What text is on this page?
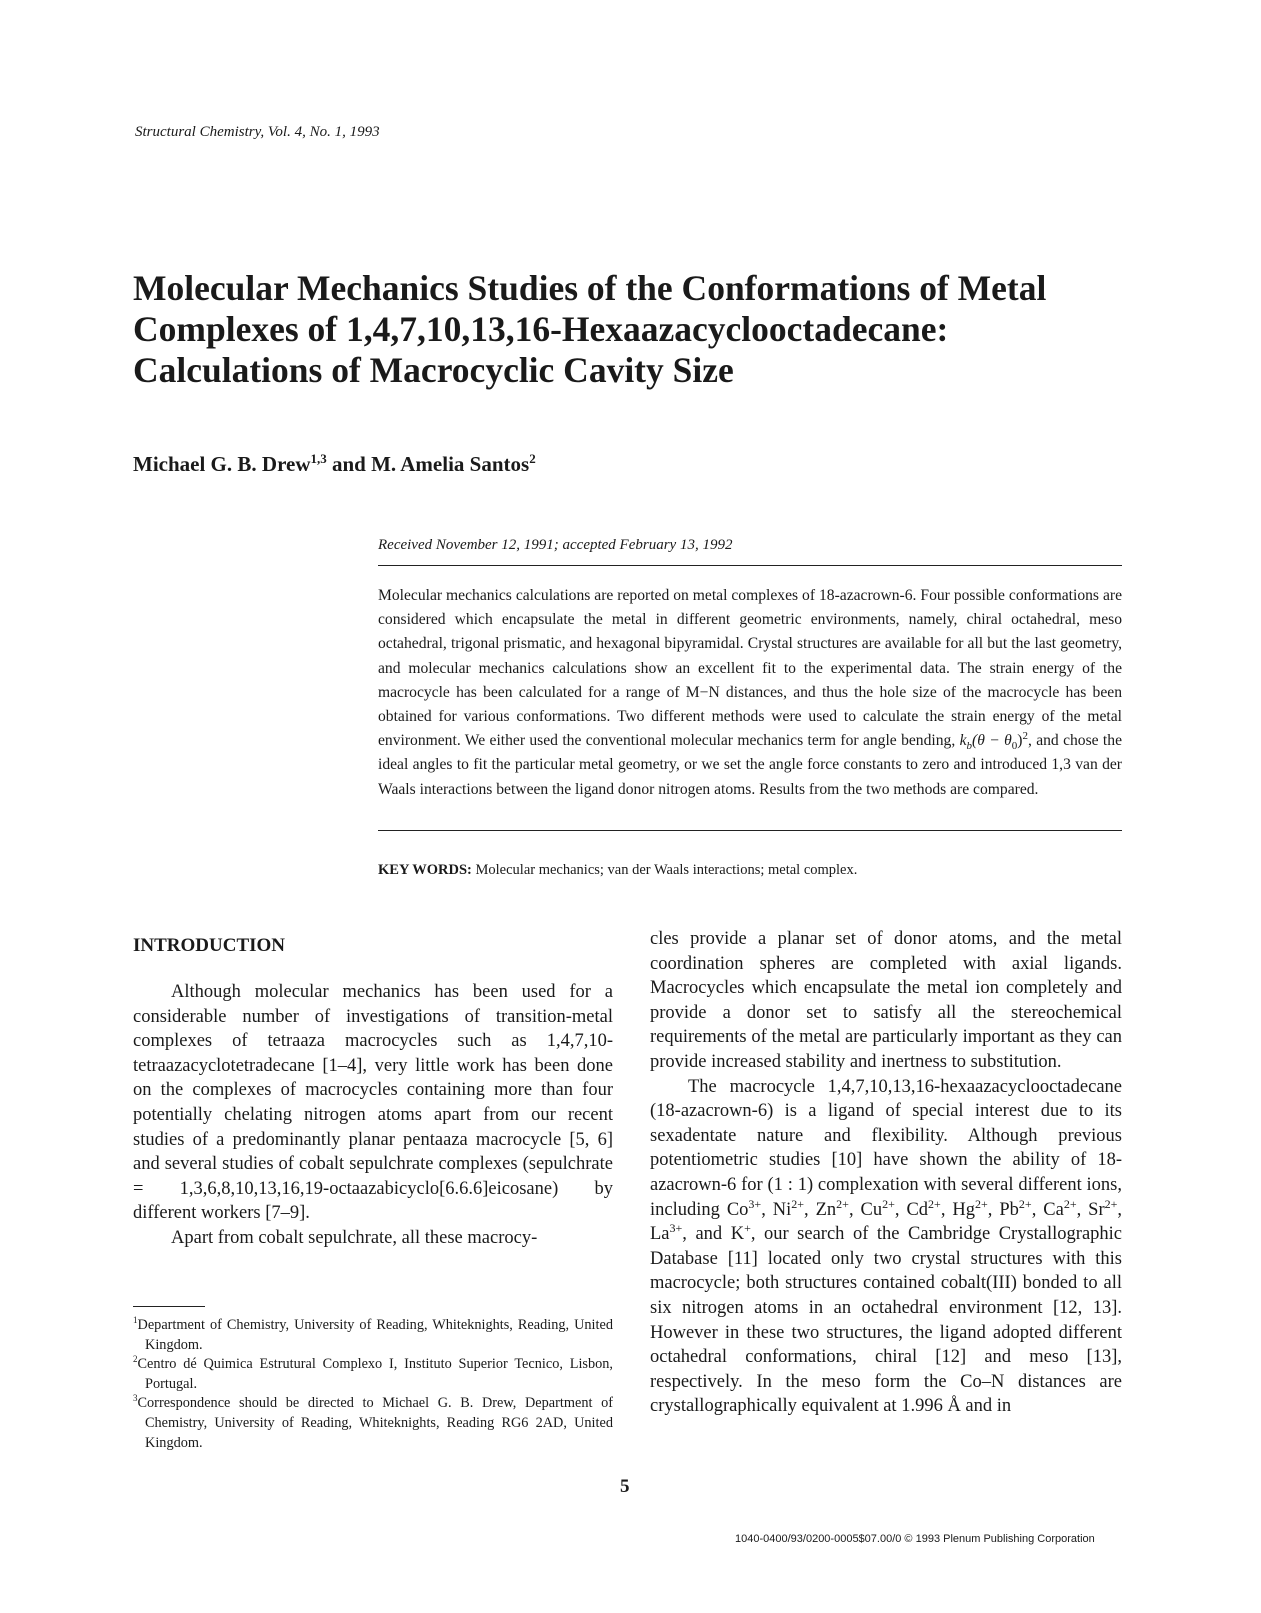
Structural Chemistry, Vol. 4, No. 1, 1993
Molecular Mechanics Studies of the Conformations of Metal
Complexes of 1,4,7,10,13,16-Hexaazacyclooctadecane:
Calculations of Macrocyclic Cavity Size
Michael G. B. Drew$^{1,3}$ and M. Amelia Santos$^2$
Received November 12, 1991; accepted February 13, 1992

Molecular mechanics calculations are reported on metal complexes of 18-azacrown-6. Four possible conformations are considered which encapsulate the metal in different geometric environments, namely, chiral octahedral, meso octahedral, trigonal prismatic, and hexagonal bipyramidal. Crystal structures are available for all but the last geometry, and molecular mechanics calculations show an excellent fit to the experimental data. The strain energy of the macrocycle has been calculated for a range of M−N distances, and thus the hole size of the macrocycle has been obtained for various conformations. Two different methods were used to calculate the strain energy of the metal environment. We either used the conventional molecular mechanics term for angle bending, $k_b(\theta - \theta_0)^2$, and chose the ideal angles to fit the particular metal geometry, or we set the angle force constants to zero and introduced 1,3 van der Waals interactions between the ligand donor nitrogen atoms. Results from the two methods are compared.

KEY WORDS: Molecular mechanics; van der Waals interactions; metal complex.
INTRODUCTION

Although molecular mechanics has been used for a considerable number of investigations of transition-metal complexes of tetraaza macrocycles such as 1,4,7,10-tetraazacyclotetradecane [1–4], very little work has been done on the complexes of macrocycles containing more than four potentially chelating nitrogen atoms apart from our recent studies of a predominantly planar pentaaza macrocycle [5, 6] and several studies of cobalt sepulchrate complexes (sepulchrate = 1,3,6,8,10,13,16,19-octaazabicyclo[6.6.6]eicosane) by different workers [7–9].

Apart from cobalt sepulchrate, all these macrocy-

$^1$Department of Chemistry, University of Reading, Whiteknights, Reading, United Kingdom.

$^2$Centro dé Quimica Estrutural Complexo I, Instituto Superior Tecnico, Lisbon, Portugal.

$^3$Correspondence should be directed to Michael G. B. Drew, Department of Chemistry, University of Reading, Whiteknights, Reading RG6 2AD, United Kingdom.

cles provide a planar set of donor atoms, and the metal coordination spheres are completed with axial ligands. Macrocycles which encapsulate the metal ion completely and provide a donor set to satisfy all the stereochemical requirements of the metal are particularly important as they can provide increased stability and inertness to substitution.

The macrocycle 1,4,7,10,13,16-hexaazacyclooctadecane (18-azacrown-6) is a ligand of special interest due to its sexadentate nature and flexibility. Although previous potentiometric studies [10] have shown the ability of 18-azacrown-6 for (1 : 1) complexation with several different ions, including $Co^{3+}$, $Ni^{2+}$, $Zn^{2+}$, $Cu^{2+}$, $Cd^{2+}$, $Hg^{2+}$, $Pb^{2+}$, $Ca^{2+}$, $Sr^{2+}$, $La^{3+}$, and K+, our search of the Cambridge Crystallographic Database [11] located only two crystal structures with this macrocycle; both structures contained cobalt(III) bonded to all six nitrogen atoms in an octahedral environment [12, 13]. However in these two structures, the ligand adopted different octahedral conformations, chiral [12] and meso [13], respectively. In the meso form the Co–N distances are crystallographically equivalent at 1.996 Å and in

5
1040-0400/93/0200-0005$07.00/0 © 1993 Plenum Publishing Corporation
